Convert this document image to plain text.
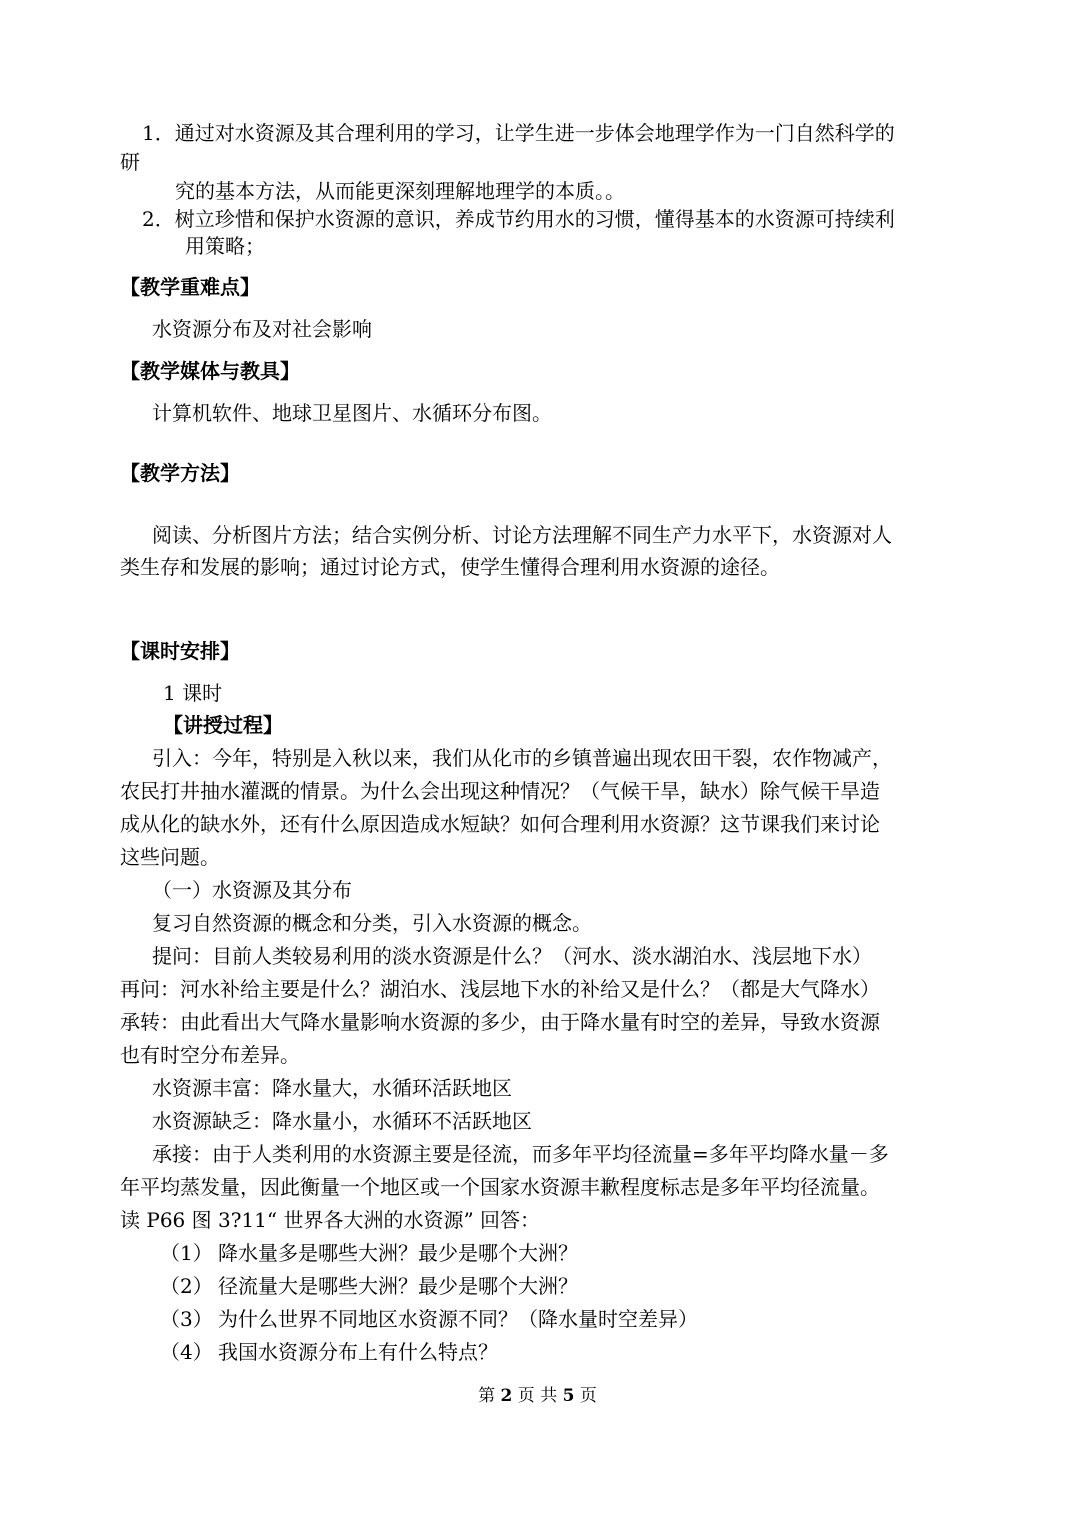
1．通过对水资源及其合理利用的学习，让学生进一步体会地理学作为一门自然科学的
研
究的基本方法，从而能更深刻理解地理学的本质。。
2．树立珍惜和保护水资源的意识，养成节约用水的习惯，懂得基本的水资源可持续利
用策略；
【教学重难点】
水资源分布及对社会影响
【教学媒体与教具】
计算机软件、地球卫星图片、水循环分布图。
【教学方法】
阅读、分析图片方法；结合实例分析、讨论方法理解不同生产力水平下，水资源对人
类生存和发展的影响；通过讨论方式，使学生懂得合理利用水资源的途径。
【课时安排】
1 课时
【讲授过程】
引入：今年，特别是入秋以来，我们从化市的乡镇普遍出现农田干裂，农作物减产，
农民打井抽水灌溉的情景。为什么会出现这种情况？（气候干旱，缺水）除气候干旱造
成从化的缺水外，还有什么原因造成水短缺？如何合理利用水资源？这节课我们来讨论
这些问题。
（一）水资源及其分布
复习自然资源的概念和分类，引入水资源的概念。
提问：目前人类较易利用的淡水资源是什么？（河水、淡水湖泊水、浅层地下水）
再问：河水补给主要是什么？湖泊水、浅层地下水的补给又是什么？（都是大气降水）
承转：由此看出大气降水量影响水资源的多少，由于降水量有时空的差异，导致水资源
也有时空分布差异。
水资源丰富：降水量大，水循环活跃地区
水资源缺乏：降水量小，水循环不活跃地区
承接：由于人类利用的水资源主要是径流，而多年平均径流量=多年平均降水量－多
年平均蒸发量，因此衡量一个地区或一个国家水资源丰歉程度标志是多年平均径流量。
读 P66 图 3?11“ 世界各大洲的水资源” 回答：
（1） 降水量多是哪些大洲？最少是哪个大洲？
（2） 径流量大是哪些大洲？最少是哪个大洲？
（3） 为什么世界不同地区水资源不同？（降水量时空差异）
（4） 我国水资源分布上有什么特点？
第 2 页 共 5 页
